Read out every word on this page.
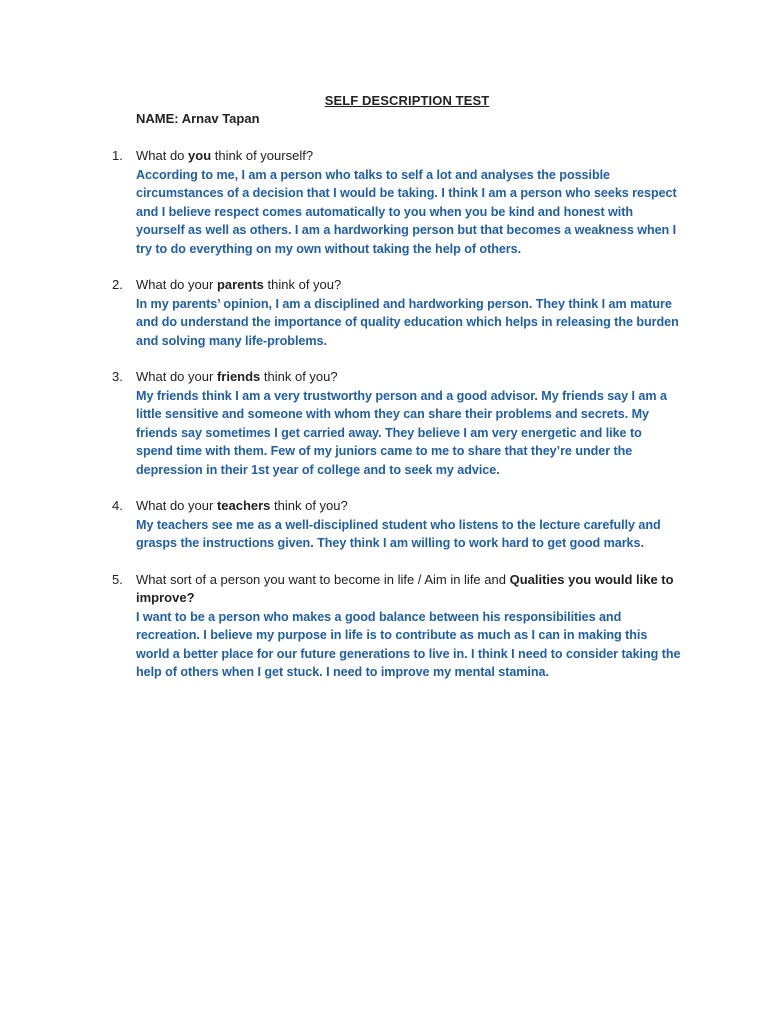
SELF DESCRIPTION TEST
NAME: Arnav Tapan
1. What do you think of yourself?
According to me, I am a person who talks to self a lot and analyses the possible circumstances of a decision that I would be taking. I think I am a person who seeks respect and I believe respect comes automatically to you when you be kind and honest with yourself as well as others. I am a hardworking person but that becomes a weakness when I try to do everything on my own without taking the help of others.
2. What do your parents think of you?
In my parents’ opinion, I am a disciplined and hardworking person. They think I am mature and do understand the importance of quality education which helps in releasing the burden and solving many life-problems.
3. What do your friends think of you?
My friends think I am a very trustworthy person and a good advisor. My friends say I am a little sensitive and someone with whom they can share their problems and secrets. My friends say sometimes I get carried away. They believe I am very energetic and like to spend time with them. Few of my juniors came to me to share that they’re under the depression in their 1st year of college and to seek my advice.
4. What do your teachers think of you?
My teachers see me as a well-disciplined student who listens to the lecture carefully and grasps the instructions given. They think I am willing to work hard to get good marks.
5. What sort of a person you want to become in life / Aim in life and Qualities you would like to improve?
I want to be a person who makes a good balance between his responsibilities and recreation. I believe my purpose in life is to contribute as much as I can in making this world a better place for our future generations to live in. I think I need to consider taking the help of others when I get stuck. I need to improve my mental stamina.
